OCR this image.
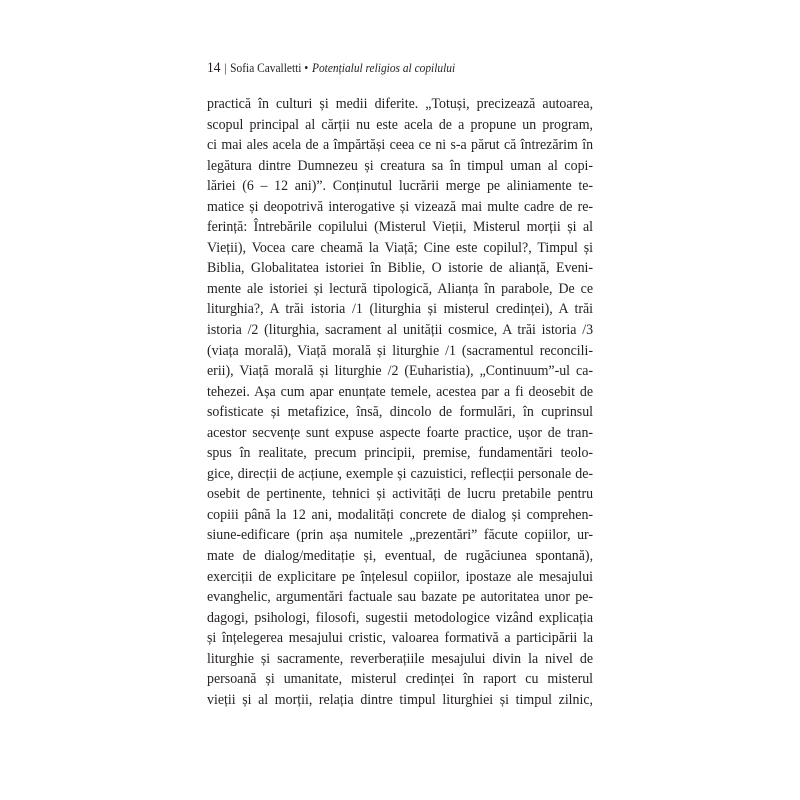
14 | Sofia Cavalletti • Potențialul religios al copilului
practică în culturi și medii diferite. „Totuși, precizează autoarea,
scopul principal al cărții nu este acela de a propune un program,
ci mai ales acela de a împărtăși ceea ce ni s-a părut că întrezărim în
legătura dintre Dumnezeu și creatura sa în timpul uman al copi-
lăriei (6 – 12 ani)”. Conținutul lucrării merge pe aliniamente te-
matice și deopotrivă interogative și vizează mai multe cadre de re-
ferință: Întrebările copilului (Misterul Vieții, Misterul morții și al
Vieții), Vocea care cheamă la Viață; Cine este copilul?, Timpul și
Biblia, Globalitatea istoriei în Biblie, O istorie de alianță, Eveni-
mente ale istoriei și lectură tipologică, Alianța în parabole, De ce
liturghia?, A trăi istoria /1 (liturghia și misterul credinței), A trăi
istoria /2 (liturghia, sacrament al unității cosmice, A trăi istoria /3
(viața morală), Viață morală și liturghie /1 (sacramentul reconcili-
erii), Viață morală și liturghie /2 (Euharistia), „Continuum”-ul ca-
tehezei. Așa cum apar enunțate temele, acestea par a fi deosebit de
sofisticate și metafizice, însă, dincolo de formulări, în cuprinsul
acestor secvențe sunt expuse aspecte foarte practice, ușor de tran-
spus în realitate, precum principii, premise, fundamentări teolo-
gice, direcții de acțiune, exemple și cazuistici, reflecții personale de-
osebit de pertinente, tehnici și activități de lucru pretabile pentru
copiii până la 12 ani, modalități concrete de dialog și comprehen-
siune-edificare (prin așa numitele „prezentări” făcute copiilor, ur-
mate de dialog/meditație și, eventual, de rugăciunea spontană),
exerciții de explicitare pe înțelesul copiilor, ipostaze ale mesajului
evanghelic, argumentări factuale sau bazate pe autoritatea unor pe-
dagogi, psihologi, filosofi, sugestii metodologice vizând explicația
și înțelegerea mesajului cristic, valoarea formativă a participării la
liturghie și sacramente, reverberațiile mesajului divin la nivel de
persoană și umanitate, misterul credinței în raport cu misterul
vieții și al morții, relația dintre timpul liturghiei și timpul zilnic,
